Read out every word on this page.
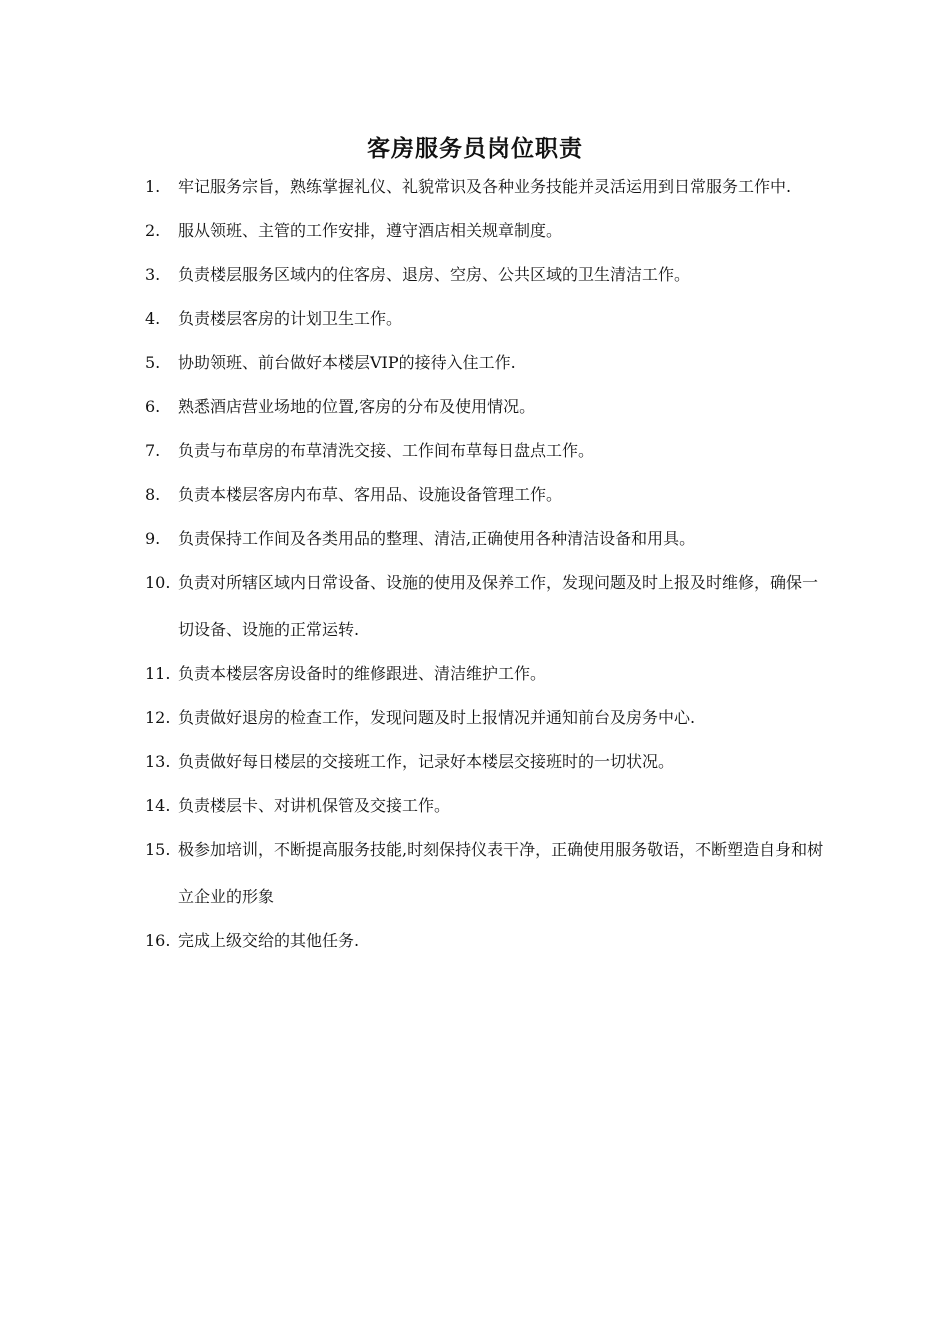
客房服务员岗位职责
1.	牢记服务宗旨，熟练掌握礼仪、礼貌常识及各种业务技能并灵活运用到日常服务工作中.
2.	服从领班、主管的工作安排，遵守酒店相关规章制度。
3.	负责楼层服务区域内的住客房、退房、空房、公共区域的卫生清洁工作。
4.	负责楼层客房的计划卫生工作。
5.	协助领班、前台做好本楼层VIP的接待入住工作.
6.	熟悉酒店营业场地的位置,客房的分布及使用情况。
7.	负责与布草房的布草清洗交接、工作间布草每日盘点工作。
8.	负责本楼层客房内布草、客用品、设施设备管理工作。
9.	负责保持工作间及各类用品的整理、清洁,正确使用各种清洁设备和用具。
10. 负责对所辖区域内日常设备、设施的使用及保养工作，发现问题及时上报及时维修，确保一切设备、设施的正常运转.
11. 负责本楼层客房设备时的维修跟进、清洁维护工作。
12. 负责做好退房的检查工作，发现问题及时上报情况并通知前台及房务中心.
13. 负责做好每日楼层的交接班工作，记录好本楼层交接班时的一切状况。
14. 负责楼层卡、对讲机保管及交接工作。
15. 极参加培训，不断提高服务技能,时刻保持仪表干净，正确使用服务敬语，不断塑造自身和树立企业的形象
16. 完成上级交给的其他任务.
